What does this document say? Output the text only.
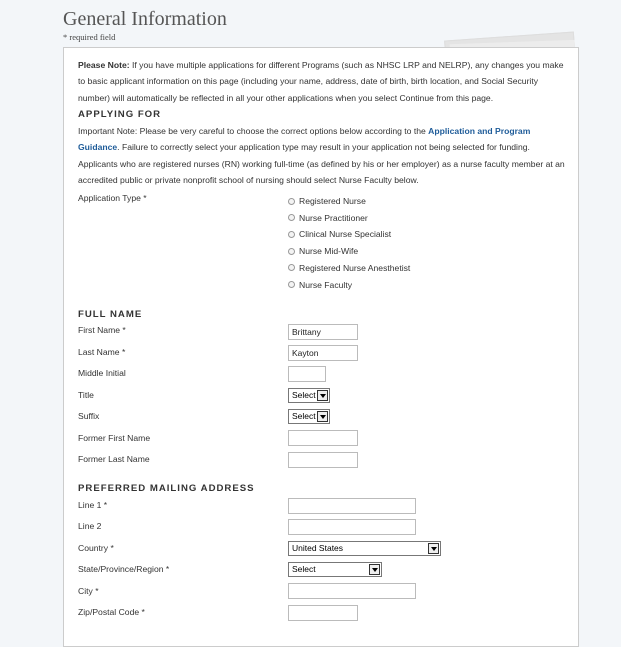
General Information
* required field
Please Note: If you have multiple applications for different Programs (such as NHSC LRP and NELRP), any changes you make to basic applicant information on this page (including your name, address, date of birth, birth location, and Social Security number) will automatically be reflected in all your other applications when you select Continue from this page.
APPLYING FOR
Important Note: Please be very careful to choose the correct options below according to the Application and Program Guidance. Failure to correctly select your application type may result in your application not being selected for funding.
Applicants who are registered nurses (RN) working full-time (as defined by his or her employer) as a nurse faculty member at an accredited public or private nonprofit school of nursing should select Nurse Faculty below.
Application Type *	Registered Nurse
Nurse Practitioner
Clinical Nurse Specialist
Nurse Mid-Wife
Registered Nurse Anesthetist
Nurse Faculty
FULL NAME
First Name *	Brittany
Last Name *	Kayton
Middle Initial
Title	Select
Suffix	Select
Former First Name
Former Last Name
PREFERRED MAILING ADDRESS
Line 1 *
Line 2
Country *	United States
State/Province/Region *	Select
City *
Zip/Postal Code *
